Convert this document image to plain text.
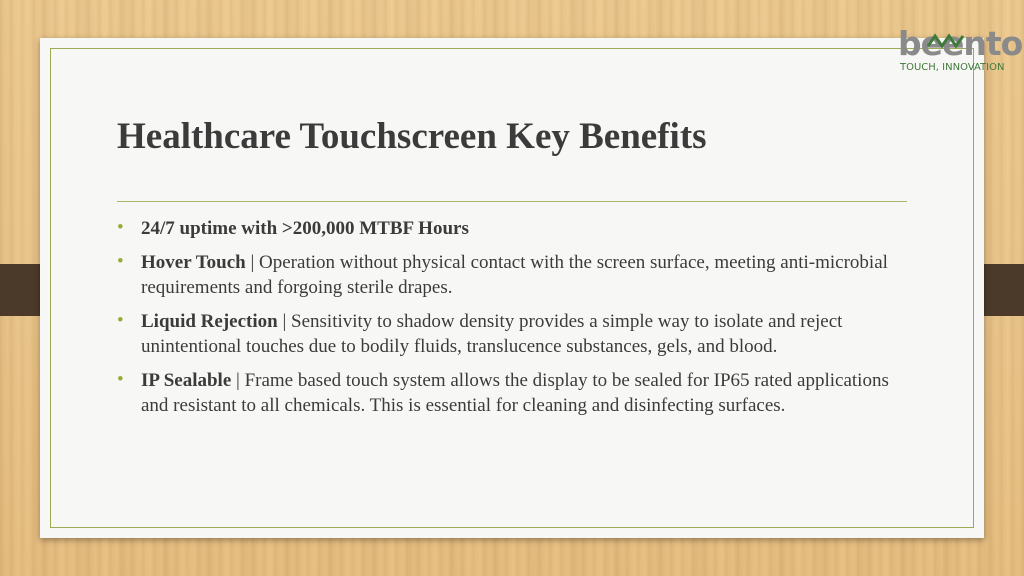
beento
TOUCH, INNOVATION
Healthcare Touchscreen Key Benefits
• 24/7 uptime with >200,000 MTBF Hours
• Hover Touch | Operation without physical contact with the screen surface, meeting anti-microbial requirements and forgoing sterile drapes.
• Liquid Rejection | Sensitivity to shadow density provides a simple way to isolate and reject unintentional touches due to bodily fluids, translucence substances, gels, and blood.
• IP Sealable | Frame based touch system allows the display to be sealed for IP65 rated applications and resistant to all chemicals. This is essential for cleaning and disinfecting surfaces.
